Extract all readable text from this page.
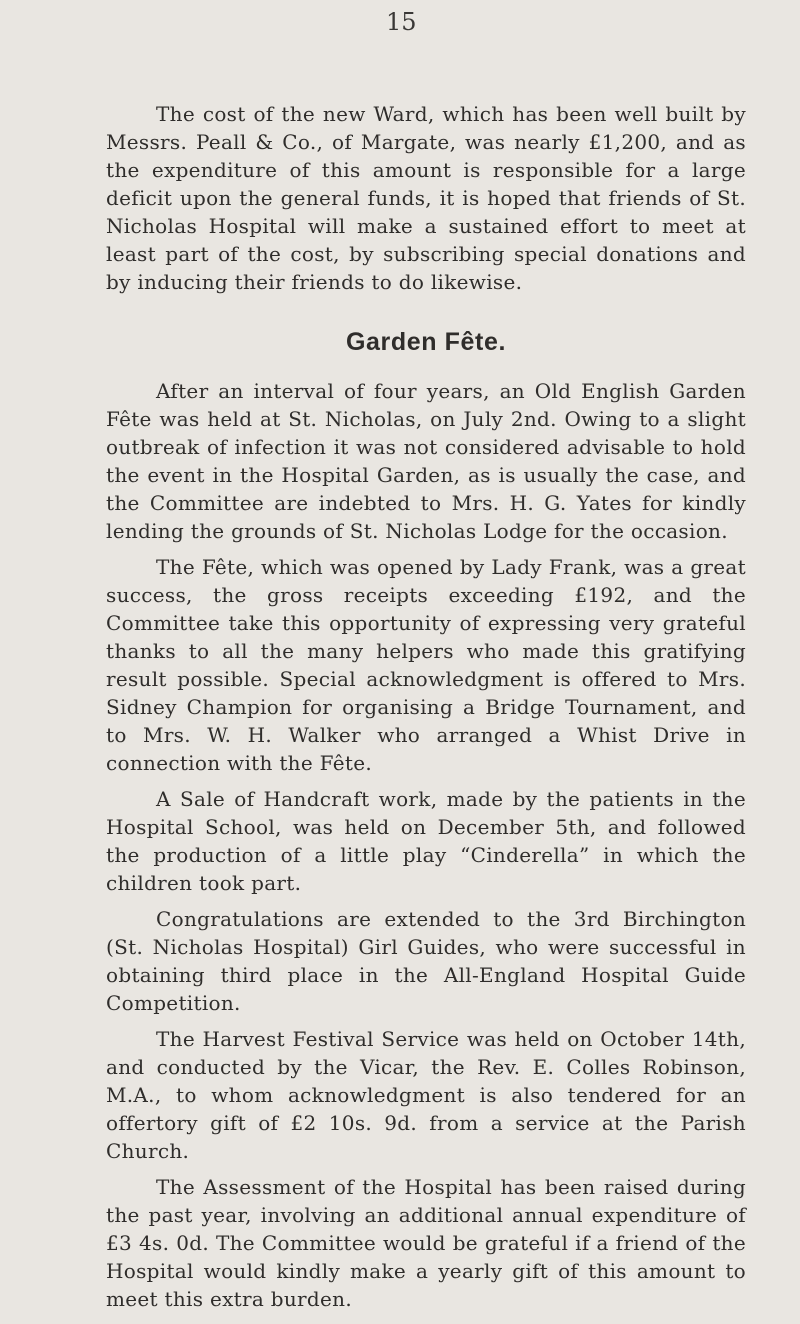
15

The cost of the new Ward, which has been well built by Messrs. Peall & Co., of Margate, was nearly £1,200, and as the expenditure of this amount is responsible for a large deficit upon the general funds, it is hoped that friends of St. Nicholas Hospital will make a sustained effort to meet at least part of the cost, by subscribing special donations and by inducing their friends to do likewise.

Garden Fête.

After an interval of four years, an Old English Garden Fête was held at St. Nicholas, on July 2nd. Owing to a slight outbreak of infection it was not considered advisable to hold the event in the Hospital Garden, as is usually the case, and the Committee are indebted to Mrs. H. G. Yates for kindly lending the grounds of St. Nicholas Lodge for the occasion.

The Fête, which was opened by Lady Frank, was a great success, the gross receipts exceeding £192, and the Committee take this opportunity of expressing very grateful thanks to all the many helpers who made this gratifying result possible. Special acknowledgment is offered to Mrs. Sidney Champion for organising a Bridge Tournament, and to Mrs. W. H. Walker who arranged a Whist Drive in connection with the Fête.

A Sale of Handcraft work, made by the patients in the Hospital School, was held on December 5th, and followed the production of a little play “Cinderella” in which the children took part.

Congratulations are extended to the 3rd Birchington (St. Nicholas Hospital) Girl Guides, who were successful in obtaining third place in the All-England Hospital Guide Competition.

The Harvest Festival Service was held on October 14th, and conducted by the Vicar, the Rev. E. Colles Robinson, M.A., to whom acknowledgment is also tendered for an offertory gift of £2 10s. 9d. from a service at the Parish Church.

The Assessment of the Hospital has been raised during the past year, involving an additional annual expenditure of £3 4s. 0d. The Committee would be grateful if a friend of the Hospital would kindly make a yearly gift of this amount to meet this extra burden.
